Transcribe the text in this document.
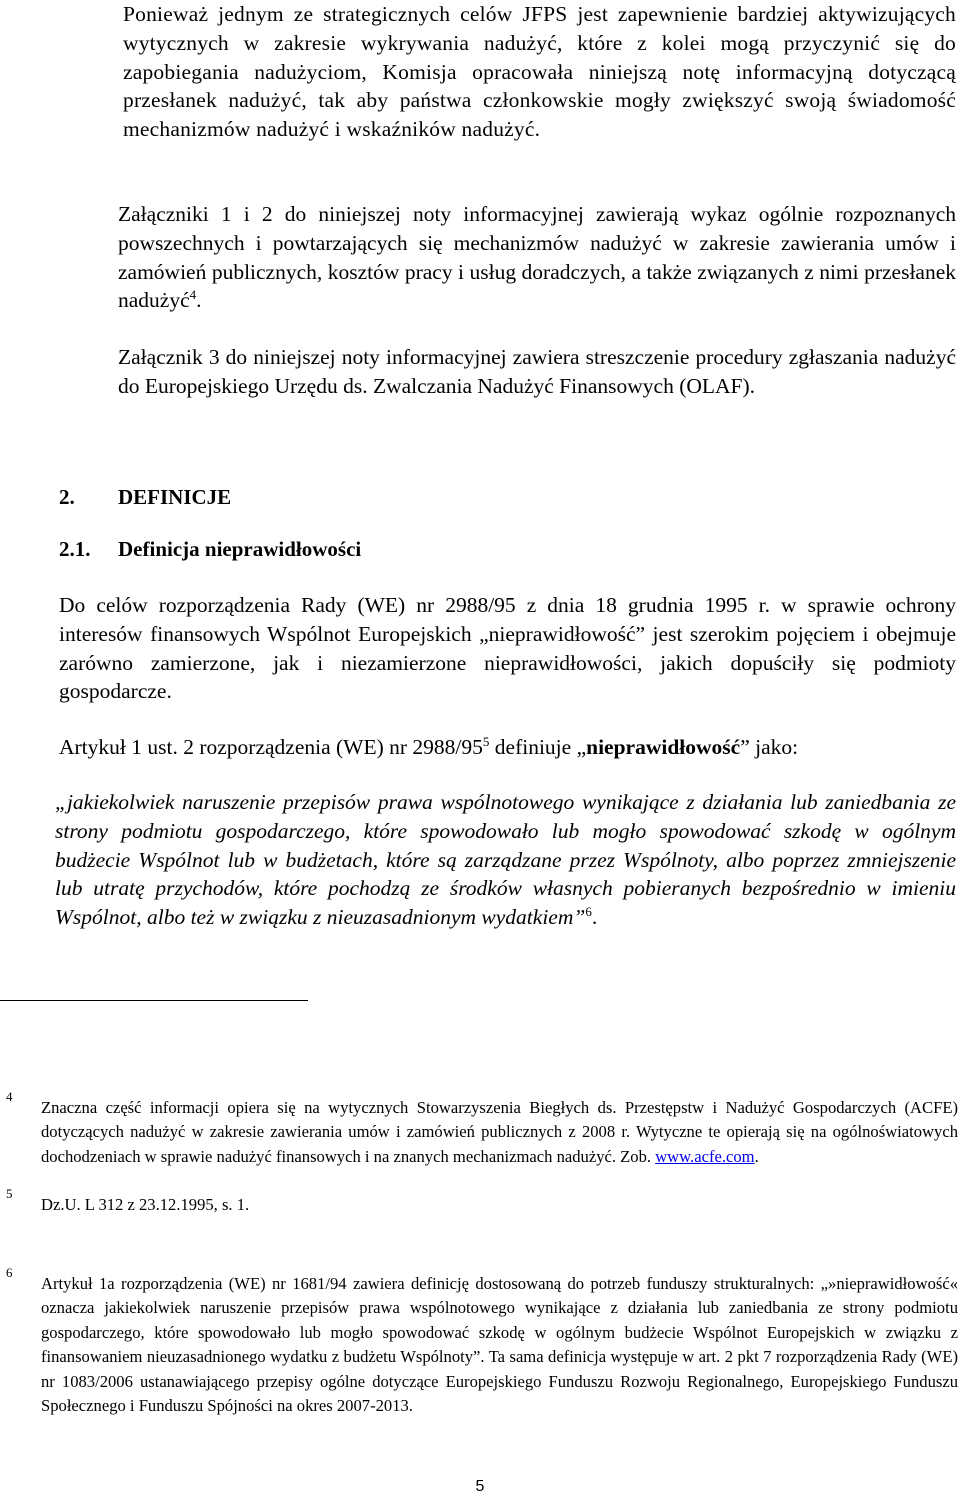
Ponieważ jednym ze strategicznych celów JFPS jest zapewnienie bardziej aktywizujących wytycznych w zakresie wykrywania nadużyć, które z kolei mogą przyczynić się do zapobiegania nadużyciom, Komisja opracowała niniejszą notę informacyjną dotyczącą przesłanek nadużyć, tak aby państwa członkowskie mogły zwiększyć swoją świadomość mechanizmów nadużyć i wskaźników nadużyć.

Załączniki 1 i 2 do niniejszej noty informacyjnej zawierają wykaz ogólnie rozpoznanych powszechnych i powtarzających się mechanizmów nadużyć w zakresie zawierania umów i zamówień publicznych, kosztów pracy i usług doradczych, a także związanych z nimi przesłanek nadużyć$^4$.

Załącznik 3 do niniejszej noty informacyjnej zawiera streszczenie procedury zgłaszania nadużyć do Europejskiego Urzędu ds. Zwalczania Nadużyć Finansowych (OLAF).

2. DEFINICJE
2.1. Definicja nieprawidłowości

Do celów rozporządzenia Rady (WE) nr 2988/95 z dnia 18 grudnia 1995 r. w sprawie ochrony interesów finansowych Wspólnot Europejskich „nieprawidłowość” jest szerokim pojęciem i obejmuje zarówno zamierzone, jak i niezamierzone nieprawidłowości, jakich dopuściły się podmioty gospodarcze.

Artykuł 1 ust. 2 rozporządzenia (WE) nr $2988/95^5$ definiuje „nieprawidłowość” jako:

„jakiekolwiek naruszenie przepisów prawa wspólnotowego wynikające z działania lub zaniedbania ze strony podmiotu gospodarczego, które spowodowało lub mogło spowodować szkodę w ogólnym budżecie Wspólnot lub w budżetach, które są zarządzane przez Wspólnoty, albo poprzez zmniejszenie lub utratę przychodów, które pochodzą ze środków własnych pobieranych bezpośrednio w imieniu Wspólnot, albo też w związku z nieuzasadnionym wydatkiem”$^6$.

4

Znaczna część informacji opiera się na wytycznych Stowarzyszenia Biegłych ds. Przestępstw i Nadużyć Gospodarczych (ACFE) dotyczących nadużyć w zakresie zawierania umów i zamówień publicznych z 2008 r. Wytyczne te opierają się na ogólnoświatowych dochodzeniach w sprawie nadużyć finansowych i na znanych mechanizmach nadużyć. Zob. www.acfe.com.

5

Dz.U. L 312 z 23.12.1995, s. 1.

6

Artykuł 1a rozporządzenia (WE) nr 1681/94 zawiera definicję dostosowaną do potrzeb funduszy strukturalnych: „»nieprawidłowość« oznacza jakiekolwiek naruszenie przepisów prawa wspólnotowego wynikające z działania lub zaniedbania ze strony podmiotu gospodarczego, które spowodowało lub mogło spowodować szkodę w ogólnym budżecie Wspólnot Europejskich w związku z finansowaniem nieuzasadnionego wydatku z budżetu Wspólnoty”. Ta sama definicja występuje w art. 2 pkt 7 rozporządzenia Rady (WE) nr 1083/2006 ustanawiającego przepisy ogólne dotyczące Europejskiego Funduszu Rozwoju Regionalnego, Europejskiego Funduszu Społecznego i Funduszu Spójności na okres 2007-2013.

5
